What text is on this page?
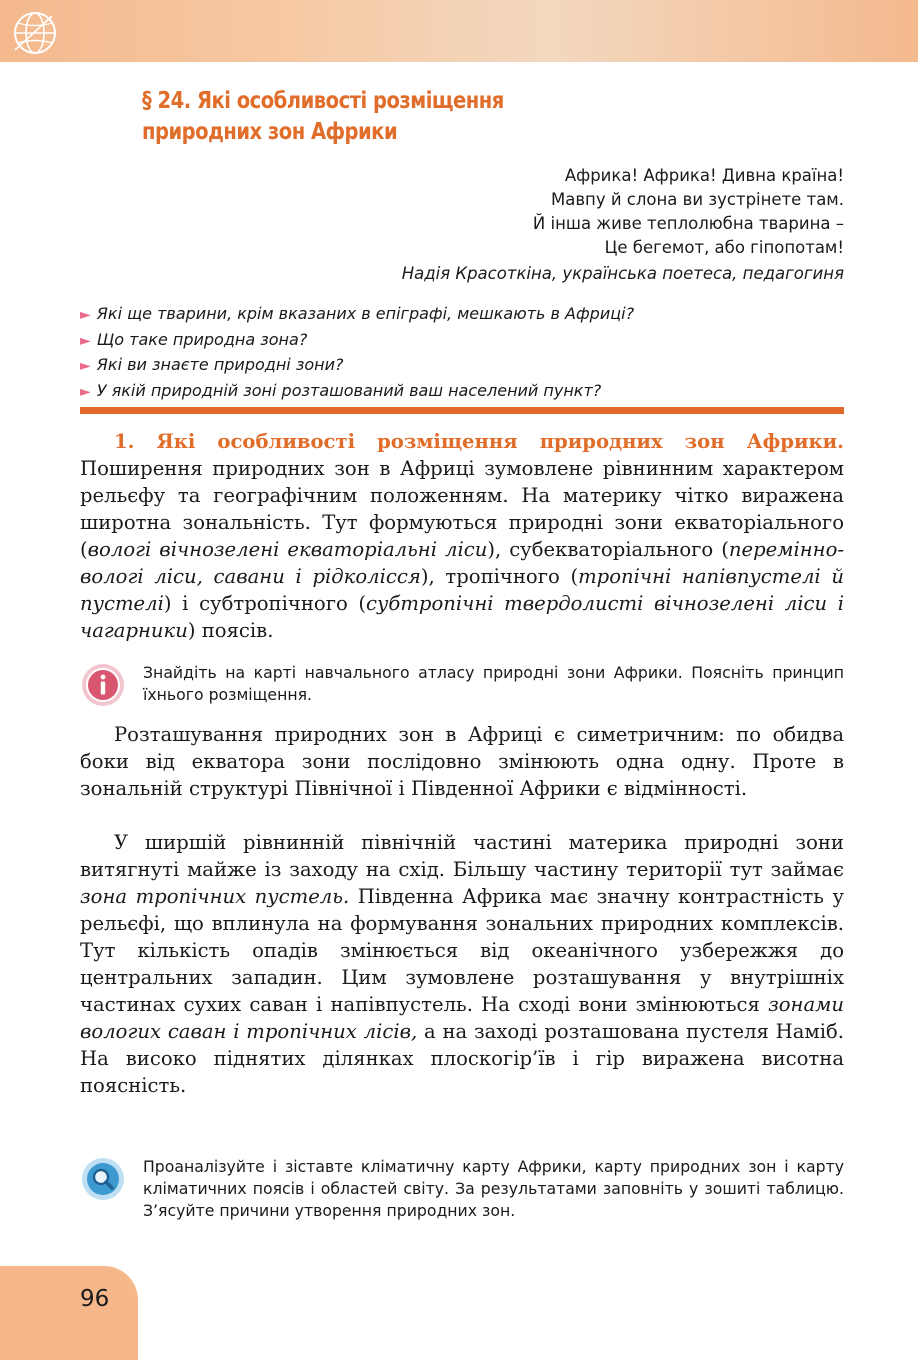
§ 24. Які особливості розміщення
природних зон Африки
Африка! Африка! Дивна країна!
Мавпу й слона ви зустрінете там.
Й інша живе теплолюбна тварина –
Це бегемот, або гіпопотам!
Надія Красоткіна, українська поетеса, педагогиня
► Які ще тварини, крім вказаних в епіграфі, мешкають в Африці?
► Що таке природна зона?
► Які ви знаєте природні зони?
► У якій природній зоні розташований ваш населений пункт?

1. Які особливості розміщення природних зон Африки. Поширення природних зон в Африці зумовлене рівнинним характером рельєфу та географічним положенням. На материку чітко виражена широтна зональність. Тут формуються природні зони екваторіального (вологі вічнозелені екваторіальні ліси), субекваторіального (перемінно-вологі ліси, савани і рідколісся), тропічного (тропічні напівпустелі й пустелі) і субтропічного (субтропічні твердолисті вічнозелені ліси і чагарники) поясів.

Знайдіть на карті навчального атласу природні зони Африки. Поясніть принцип їхнього розміщення.

Розташування природних зон в Африці є симетричним: по обидва боки від екватора зони послідовно змінюють одна одну. Проте в зональній структурі Північної і Південної Африки є відмінності.

У ширшій рівнинній північній частині материка природні зони витягнуті майже із заходу на схід. Більшу частину території тут займає зона тропічних пустель. Південна Африка має значну контрастність у рельєфі, що вплинула на формування зональних природних комплексів. Тут кількість опадів змінюється від океанічного узбережжя до центральних западин. Цим зумовлене розташування у внутрішніх частинах сухих саван і напівпустель. На сході вони змінюються зонами вологих саван і тропічних лісів, а на заході розташована пустеля Наміб. На високо піднятих ділянках плоскогір’їв і гір виражена висотна поясність.

Проаналізуйте і зіставте кліматичну карту Африки, карту природних зон і карту кліматичних поясів і областей світу. За результатами заповніть у зошиті таблицю. З’ясуйте причини утворення природних зон.
96
